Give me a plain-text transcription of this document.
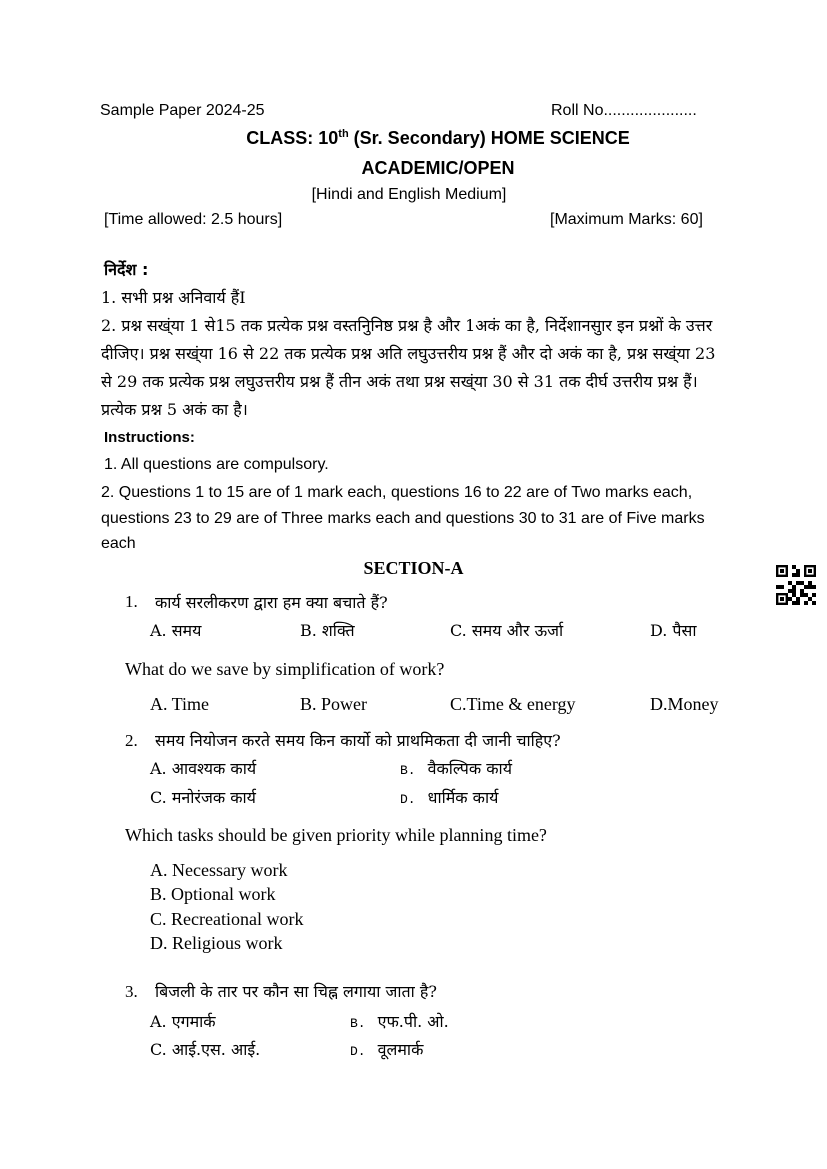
Sample Paper 2024-25	Roll No.....................
CLASS: 10th (Sr. Secondary) HOME SCIENCE
ACADEMIC/OPEN
[Hindi and English Medium]
[Time allowed: 2.5 hours]	[Maximum Marks: 60]
निर्देश :
1. सभी प्रश्न अनिवार्य हैंI
2. प्रश्न सख्ंया 1 से15 तक प्रत्येक प्रश्न वस्तनुिनिष्ठ प्रश्न है और 1अकं का है, निर्देशानसुार इन प्रश्नों के उत्तर दीजिए। प्रश्न सख्ंया 16 से 22 तक प्रत्येक प्रश्न अति लघुउत्तरीय प्रश्न हैं और दो अकं का है, प्रश्न सख्ंया 23 से 29 तक प्रत्येक प्रश्न लघुउत्तरीय प्रश्न हैं तीन अकं तथा प्रश्न सख्ंया 30 से 31 तक दीर्घ उत्तरीय प्रश्न हैं। प्रत्येक प्रश्न 5 अकं का है।
Instructions:
1. All questions are compulsory.
2. Questions 1 to 15 are of 1 mark each, questions 16 to 22 are of Two marks each, questions 23 to 29 are of Three marks each and questions 30 to 31 are of Five marks each
SECTION-A
1. कार्य सरलीकरण द्वारा हम क्या बचाते हैं?
A. समय	B. शक्ति	C. समय और ऊर्जा	D. पैसा
What do we save by simplification of work?
A. Time	B. Power	C.Time & energy	D.Money
2. समय नियोजन करते समय किन कार्यो को प्राथमिकता दी जानी चाहिए?
A. आवश्यक कार्य	B. वैकल्पिक कार्य
C. मनोरंजक कार्य	D. धार्मिक कार्य
Which tasks should be given priority while planning time?
A. Necessary work
B. Optional work
C. Recreational work
D. Religious work
3. बिजली के तार पर कौन सा चिह्न लगाया जाता है?
A. एगमार्क	B. एफ.पी. ओ.
C. आई.एस. आई.	D. वूलमार्क
